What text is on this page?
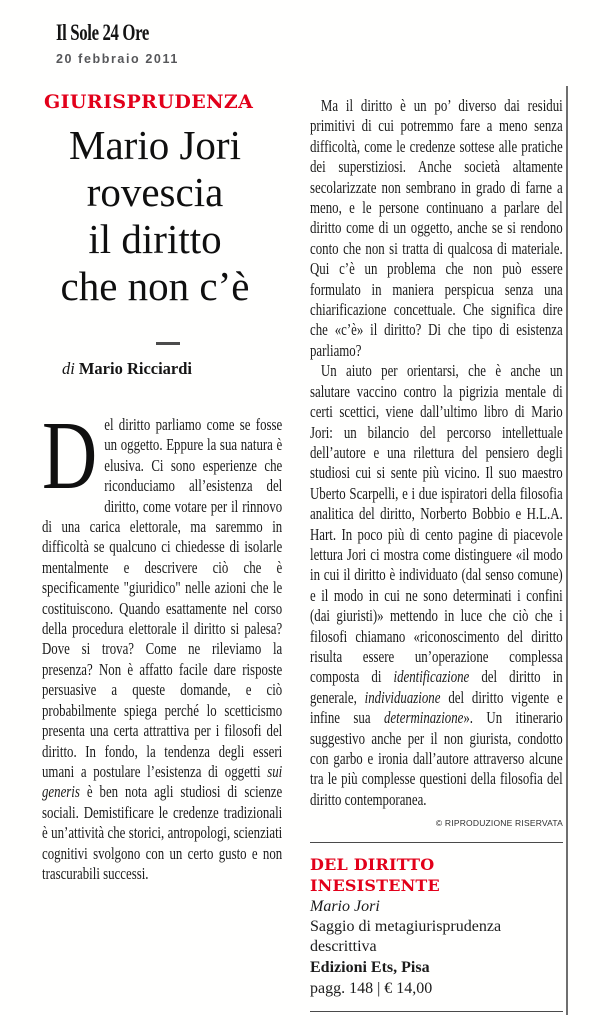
Il Sole 24 Ore
20 febbraio 2011
GIURISPRUDENZA
Mario Jori
rovescia
il diritto
che non c’è
di Mario Ricciardi

Del diritto parliamo come se fosse un oggetto. Eppure la sua natura è elusiva. Ci sono esperienze che riconduciamo all’esistenza del diritto, come votare per il rinnovo di una carica elettorale, ma saremmo in difficoltà se qualcuno ci chiedesse di isolarle mentalmente e descrivere ciò che è specificamente "giuridico" nelle azioni che le costituiscono. Quando esattamente nel corso della procedura elettorale il diritto si palesa? Dove si trova? Come ne rileviamo la presenza? Non è affatto facile dare risposte persuasive a queste domande, e ciò probabilmente spiega perché lo scetticismo presenta una certa attrattiva per i filosofi del diritto. In fondo, la tendenza degli esseri umani a postulare l’esistenza di oggetti sui generis è ben nota agli studiosi di scienze sociali. Demistificare le credenze tradizionali è un’attività che storici, antropologi, scienziati cognitivi svolgono con un certo gusto e non trascurabili successi.

Ma il diritto è un po’ diverso dai residui primitivi di cui potremmo fare a meno senza difficoltà, come le credenze sottese alle pratiche dei superstiziosi. Anche società altamente secolarizzate non sembrano in grado di farne a meno, e le persone continuano a parlare del diritto come di un oggetto, anche se si rendono conto che non si tratta di qualcosa di materiale. Qui c’è un problema che non può essere formulato in maniera perspicua senza una chiarificazione concettuale. Che significa dire che «c’è» il diritto? Di che tipo di esistenza parliamo?

Un aiuto per orientarsi, che è anche un salutare vaccino contro la pigrizia mentale di certi scettici, viene dall’ultimo libro di Mario Jori: un bilancio del percorso intellettuale dell’autore e una rilettura del pensiero degli studiosi cui si sente più vicino. Il suo maestro Uberto Scarpelli, e i due ispiratori della filosofia analitica del diritto, Norberto Bobbio e H.L.A. Hart. In poco più di cento pagine di piacevole lettura Jori ci mostra come distinguere «il modo in cui il diritto è individuato (dal senso comune) e il modo in cui ne sono determinati i confini (dai giuristi)» mettendo in luce che ciò che i filosofi chiamano «riconoscimento del diritto risulta essere un’operazione complessa composta di identificazione del diritto in generale, individuazione del diritto vigente e infine sua determinazione». Un itinerario suggestivo anche per il non giurista, condotto con garbo e ironia dall’autore attraverso alcune tra le più complesse questioni della filosofia del diritto contemporanea.

© RIPRODUZIONE RISERVATA
DEL DIRITTO INESISTENTE
Mario Jori
Saggio di metagiurisprudenza descrittiva
Edizioni Ets, Pisa
pagg. 148 | € 14,00
